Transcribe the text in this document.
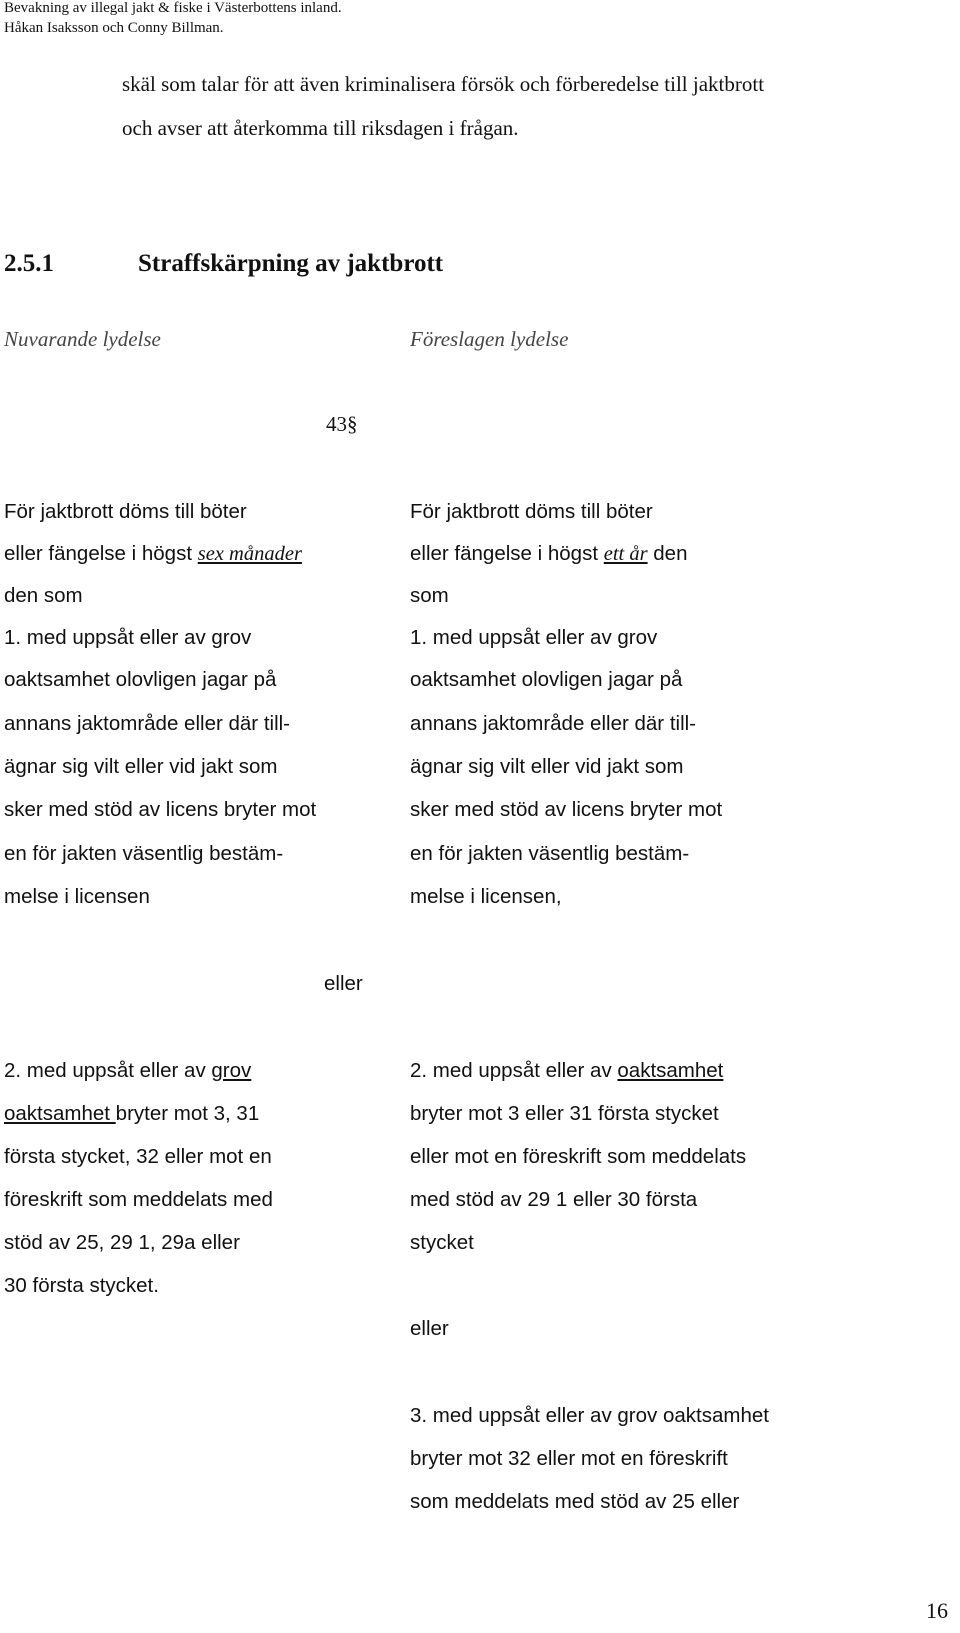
Bevakning av illegal jakt & fiske i Västerbottens inland.
Håkan Isaksson och Conny Billman.
skäl som talar för att även kriminalisera försök och förberedelse till jaktbrott
och avser att återkomma till riksdagen i frågan.
2.5.1	Straffskärpning av jaktbrott
Nuvarande lydelse	Föreslagen lydelse
43§
För jaktbrott döms till böter
eller fängelse i högst sex månader
den som
1. med uppsåt eller av grov
oaktsamhet olovligen jagar på
annans jaktområde eller där till-
ägnar sig vilt eller vid jakt som
sker med stöd av licens bryter mot
en för jakten väsentlig bestäm-
melse i licensen
2. med uppsåt eller av grov
oaktsamhet bryter mot 3, 31
första stycket, 32 eller mot en
föreskrift som meddelats med
stöd av 25, 29 1, 29a eller
30 första stycket.
eller
För jaktbrott döms till böter
eller fängelse i högst ett år den
som
1. med uppsåt eller av grov
oaktsamhet olovligen jagar på
annans jaktområde eller där till-
ägnar sig vilt eller vid jakt som
sker med stöd av licens bryter mot
en för jakten väsentlig bestäm-
melse i licensen,
2. med uppsåt eller av oaktsamhet
bryter mot 3 eller 31 första stycket
eller mot en föreskrift som meddelats
med stöd av 29 1 eller 30 första
stycket
eller
3. med uppsåt eller av grov oaktsamhet
bryter mot 32 eller mot en föreskrift
som meddelats med stöd av 25 eller
16
